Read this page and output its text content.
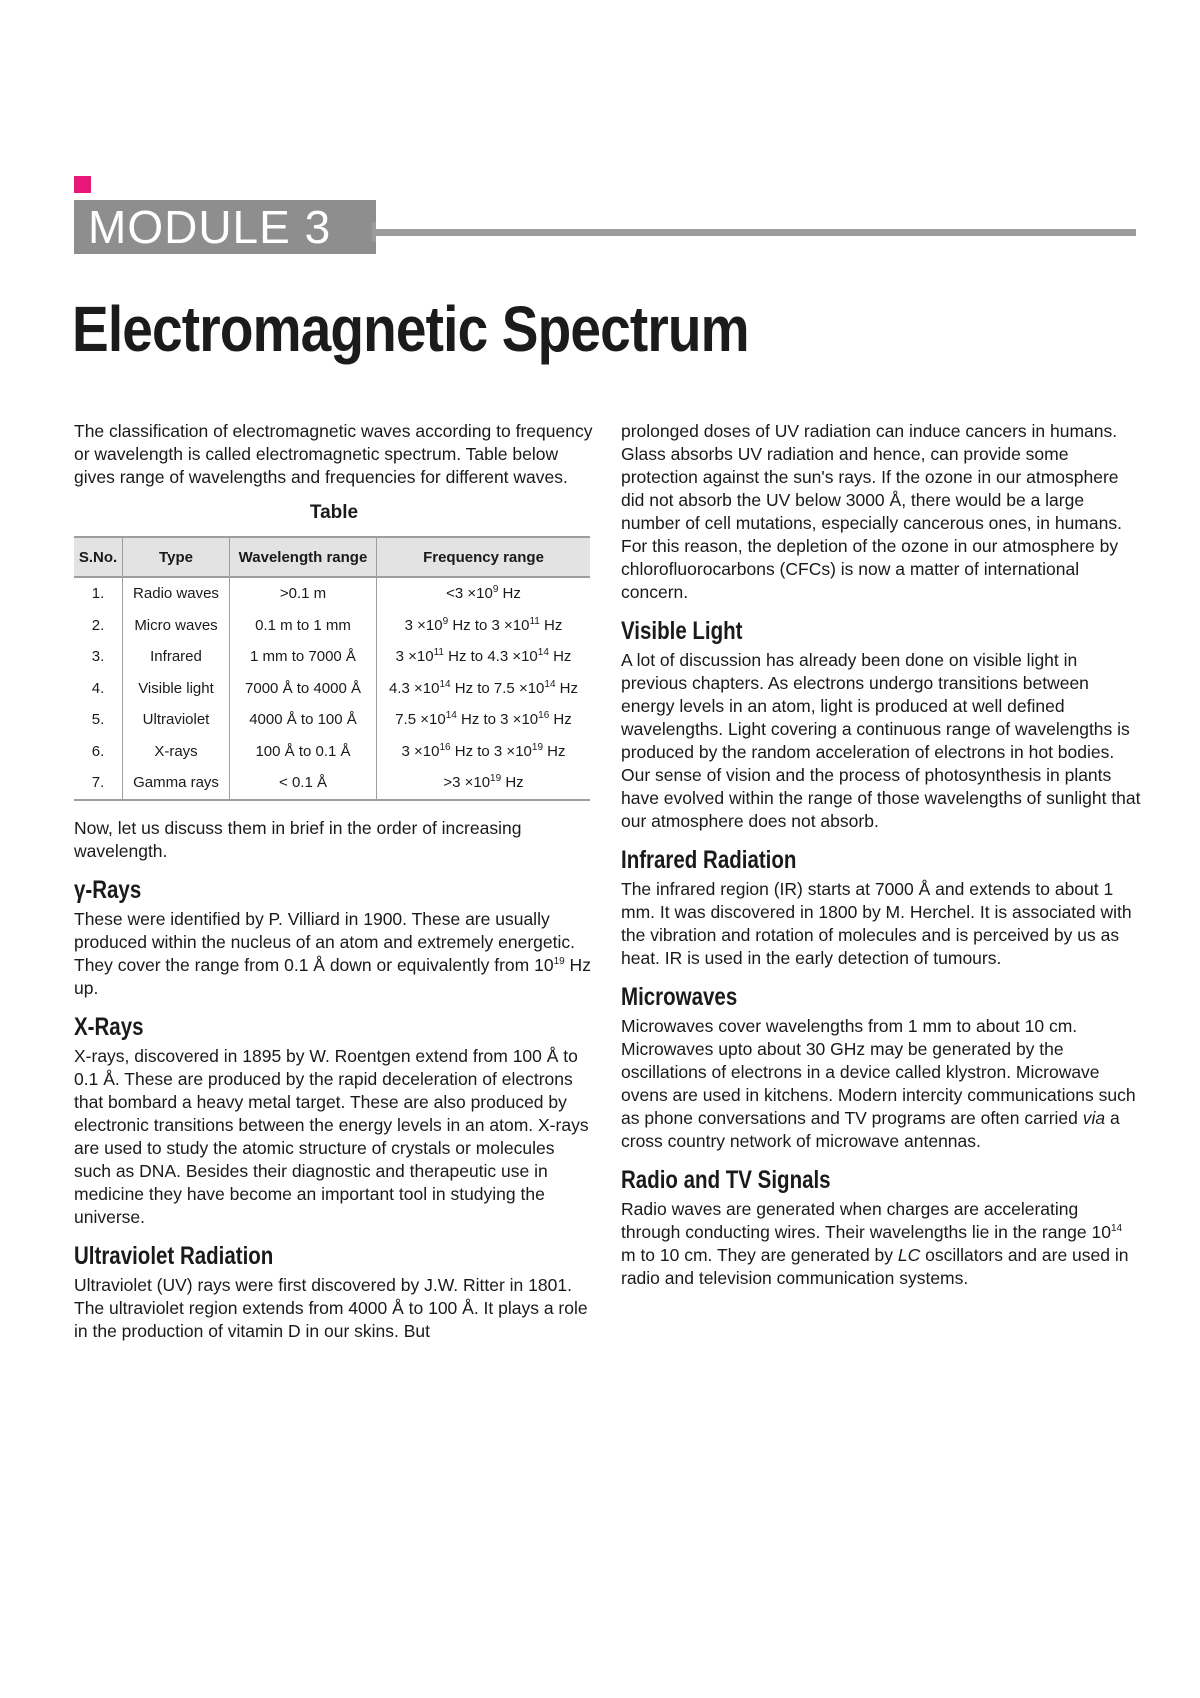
MODULE 3
Electromagnetic Spectrum

The classification of electromagnetic waves according to frequency or wavelength is called electromagnetic spectrum. Table below gives range of wavelengths and frequencies for different waves.

Table
S.No.	Type	Wavelength range	Frequency range
1.	Radio waves	>0.1 m	$<3 \times 10^9$ Hz
2.	Micro waves	0.1 m to 1 mm	$3 \times 10^9$ Hz to $3 \times 10^{11}$ Hz
3.	Infrared	1 mm to 7000 Å	$3 \times 10^{11}$ Hz to $4.3 \times 10^{14}$ Hz
4.	Visible light	7000 Å to 4000 Å	$4.3 \times 10^{14}$ Hz to $7.5 \times 10^{14}$ Hz
5.	Ultraviolet	4000 Å to 100 Å	$7.5 \times 10^{14}$ Hz to $3 \times 10^{16}$ Hz
6.	X-rays	100 Å to 0.1 Å	$3 \times 10^{16}$ Hz to $3 \times 10^{19}$ Hz
7.	Gamma rays	< 0.1 Å	$>3 \times 10^{19}$ Hz

Now, let us discuss them in brief in the order of increasing wavelength.

γ-Rays

These were identified by P. Villiard in 1900. These are usually produced within the nucleus of an atom and extremely energetic. They cover the range from 0.1 Å down or equivalently from $10^{19}$ Hz up.

X-Rays

X-rays, discovered in 1895 by W. Roentgen extend from 100 Å to 0.1 Å. These are produced by the rapid deceleration of electrons that bombard a heavy metal target. These are also produced by electronic transitions between the energy levels in an atom. X-rays are used to study the atomic structure of crystals or molecules such as DNA. Besides their diagnostic and therapeutic use in medicine they have become an important tool in studying the universe.

Ultraviolet Radiation

Ultraviolet (UV) rays were first discovered by J.W. Ritter in 1801. The ultraviolet region extends from 4000 Å to 100 Å. It plays a role in the production of vitamin D in our skins. But

prolonged doses of UV radiation can induce cancers in humans. Glass absorbs UV radiation and hence, can provide some protection against the sun's rays. If the ozone in our atmosphere did not absorb the UV below 3000 Å, there would be a large number of cell mutations, especially cancerous ones, in humans. For this reason, the depletion of the ozone in our atmosphere by chlorofluorocarbons (CFCs) is now a matter of international concern.

Visible Light

A lot of discussion has already been done on visible light in previous chapters. As electrons undergo transitions between energy levels in an atom, light is produced at well defined wavelengths. Light covering a continuous range of wavelengths is produced by the random acceleration of electrons in hot bodies. Our sense of vision and the process of photosynthesis in plants have evolved within the range of those wavelengths of sunlight that our atmosphere does not absorb.

Infrared Radiation

The infrared region (IR) starts at 7000 Å and extends to about 1 mm. It was discovered in 1800 by M. Herchel. It is associated with the vibration and rotation of molecules and is perceived by us as heat. IR is used in the early detection of tumours.

Microwaves

Microwaves cover wavelengths from 1 mm to about 10 cm. Microwaves upto about 30 GHz may be generated by the oscillations of electrons in a device called klystron. Microwave ovens are used in kitchens. Modern intercity communications such as phone conversations and TV programs are often carried via a cross country network of microwave antennas.

Radio and TV Signals

Radio waves are generated when charges are accelerating through conducting wires. Their wavelengths lie in the range $10^{14}$ m to 10 cm. They are generated by LC oscillators and are used in radio and television communication systems.
